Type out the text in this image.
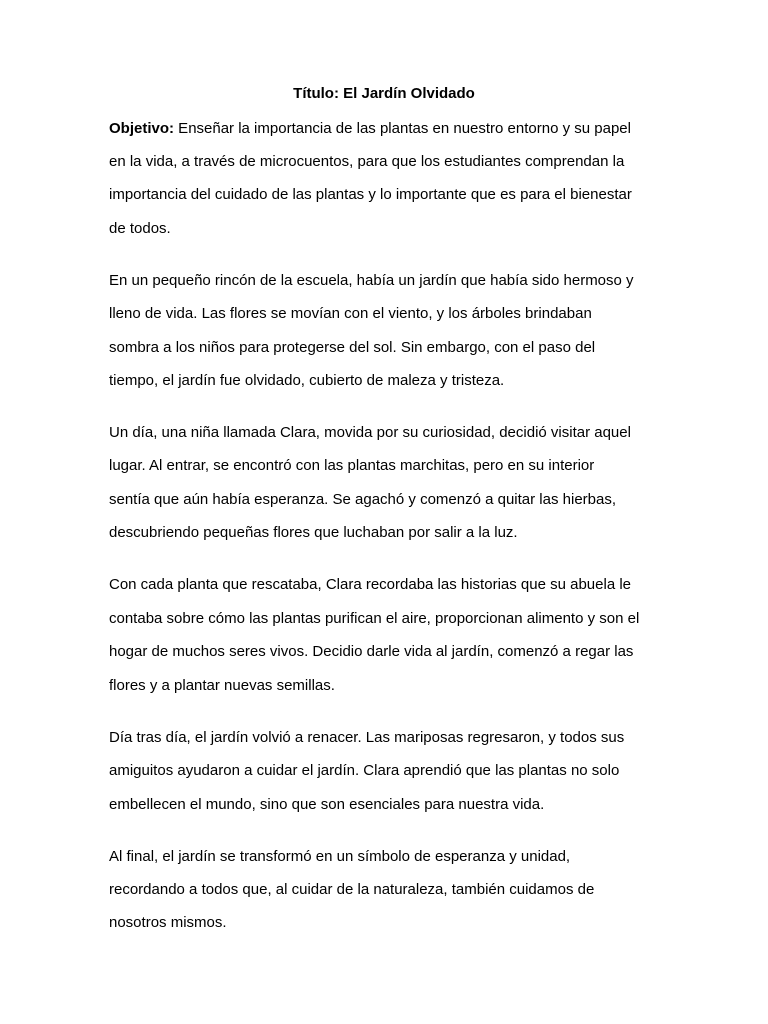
Título: El Jardín Olvidado

Objetivo: Enseñar la importancia de las plantas en nuestro entorno y su papel

en la vida, a través de microcuentos, para que los estudiantes comprendan la

importancia del cuidado de las plantas y lo importante que es para el bienestar

de todos.

En un pequeño rincón de la escuela, había un jardín que había sido hermoso y

lleno de vida. Las flores se movían con el viento, y los árboles brindaban

sombra a los niños para protegerse del sol. Sin embargo, con el paso del

tiempo, el jardín fue olvidado, cubierto de maleza y tristeza.

Un día, una niña llamada Clara, movida por su curiosidad, decidió visitar aquel

lugar. Al entrar, se encontró con las plantas marchitas, pero en su interior

sentía que aún había esperanza. Se agachó y comenzó a quitar las hierbas,

descubriendo pequeñas flores que luchaban por salir a la luz.

Con cada planta que rescataba, Clara recordaba las historias que su abuela le

contaba sobre cómo las plantas purifican el aire, proporcionan alimento y son el

hogar de muchos seres vivos. Decidio darle vida al jardín, comenzó a regar las

flores y a plantar nuevas semillas.

Día tras día, el jardín volvió a renacer. Las mariposas regresaron, y todos sus

amiguitos ayudaron a cuidar el jardín. Clara aprendió que las plantas no solo

embellecen el mundo, sino que son esenciales para nuestra vida.

Al final, el jardín se transformó en un símbolo de esperanza y unidad,

recordando a todos que, al cuidar de la naturaleza, también cuidamos de

nosotros mismos.
